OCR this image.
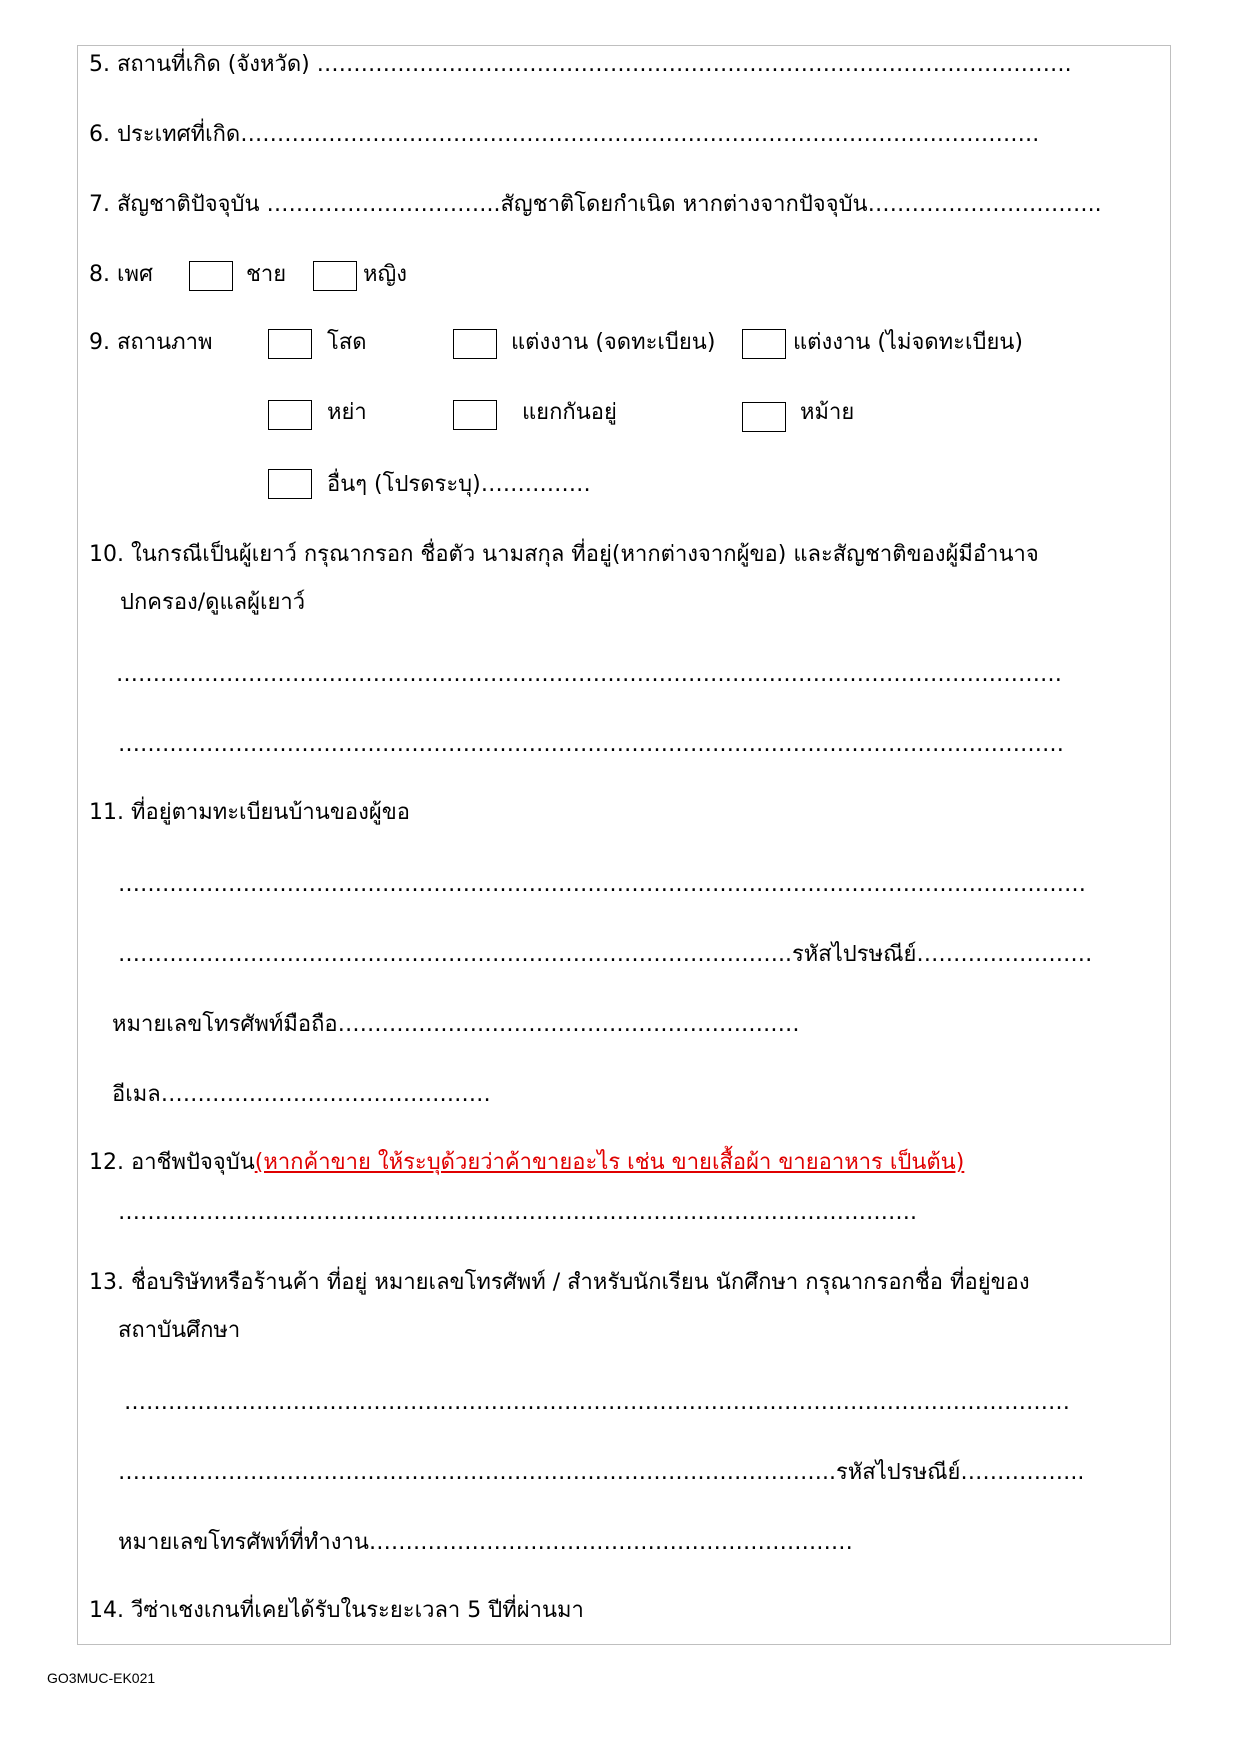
5. สถานที่เกิด (จังหวัด) ………………………………………………………………………………………….
6. ประเทศที่เกิด……………………………………………………………………………………………….
7. สัญชาติปัจจุบัน …………………………..สัญชาติโดยกำเนิด หากต่างจากปัจจุบัน…………………………..
8. เพศ	ชาย	หญิง
9. สถานภาพ	โสด	แต่งงาน (จดทะเบียน)	แต่งงาน (ไม่จดทะเบียน)
หย่า	แยกกันอยู่	หม้าย
อื่นๆ (โปรดระบุ)……………
10. ในกรณีเป็นผู้เยาว์ กรุณากรอก ชื่อตัว นามสกุล ที่อยู่(หากต่างจากผู้ขอ) และสัญชาติของผู้มีอำนาจ
ปกครอง/ดูแลผู้เยาว์
…………………………………………………………………………………………………………………
…………………………………………………………………………………………………………………
11. ที่อยู่ตามทะเบียนบ้านของผู้ขอ
……………………………………………………………………………………………………………………
………………………………………………………………………………..รหัสไปรษณีย์……………………
หมายเลขโทรศัพท์มือถือ………………………………………………………
อีเมล………………………………………
12. อาชีพปัจจุบัน(หากค้าขาย ให้ระบุด้วยว่าค้าขายอะไร เช่น ขายเสื้อผ้า ขายอาหาร เป็นต้น)
……………………………………………………………………………………………….
13. ชื่อบริษัทหรือร้านค้า ที่อยู่ หมายเลขโทรศัพท์ / สำหรับนักเรียน นักศึกษา กรุณากรอกชื่อ ที่อยู่ของ
สถาบันศึกษา
…………………………………………………………………………………………………………………
……………………………………………………………………………………..รหัสไปรษณีย์……………..
หมายเลขโทรศัพท์ที่ทำงาน…………………………………………………………
14. วีซ่าเชงเกนที่เคยได้รับในระยะเวลา 5 ปีที่ผ่านมา
GO3MUC-EK021
